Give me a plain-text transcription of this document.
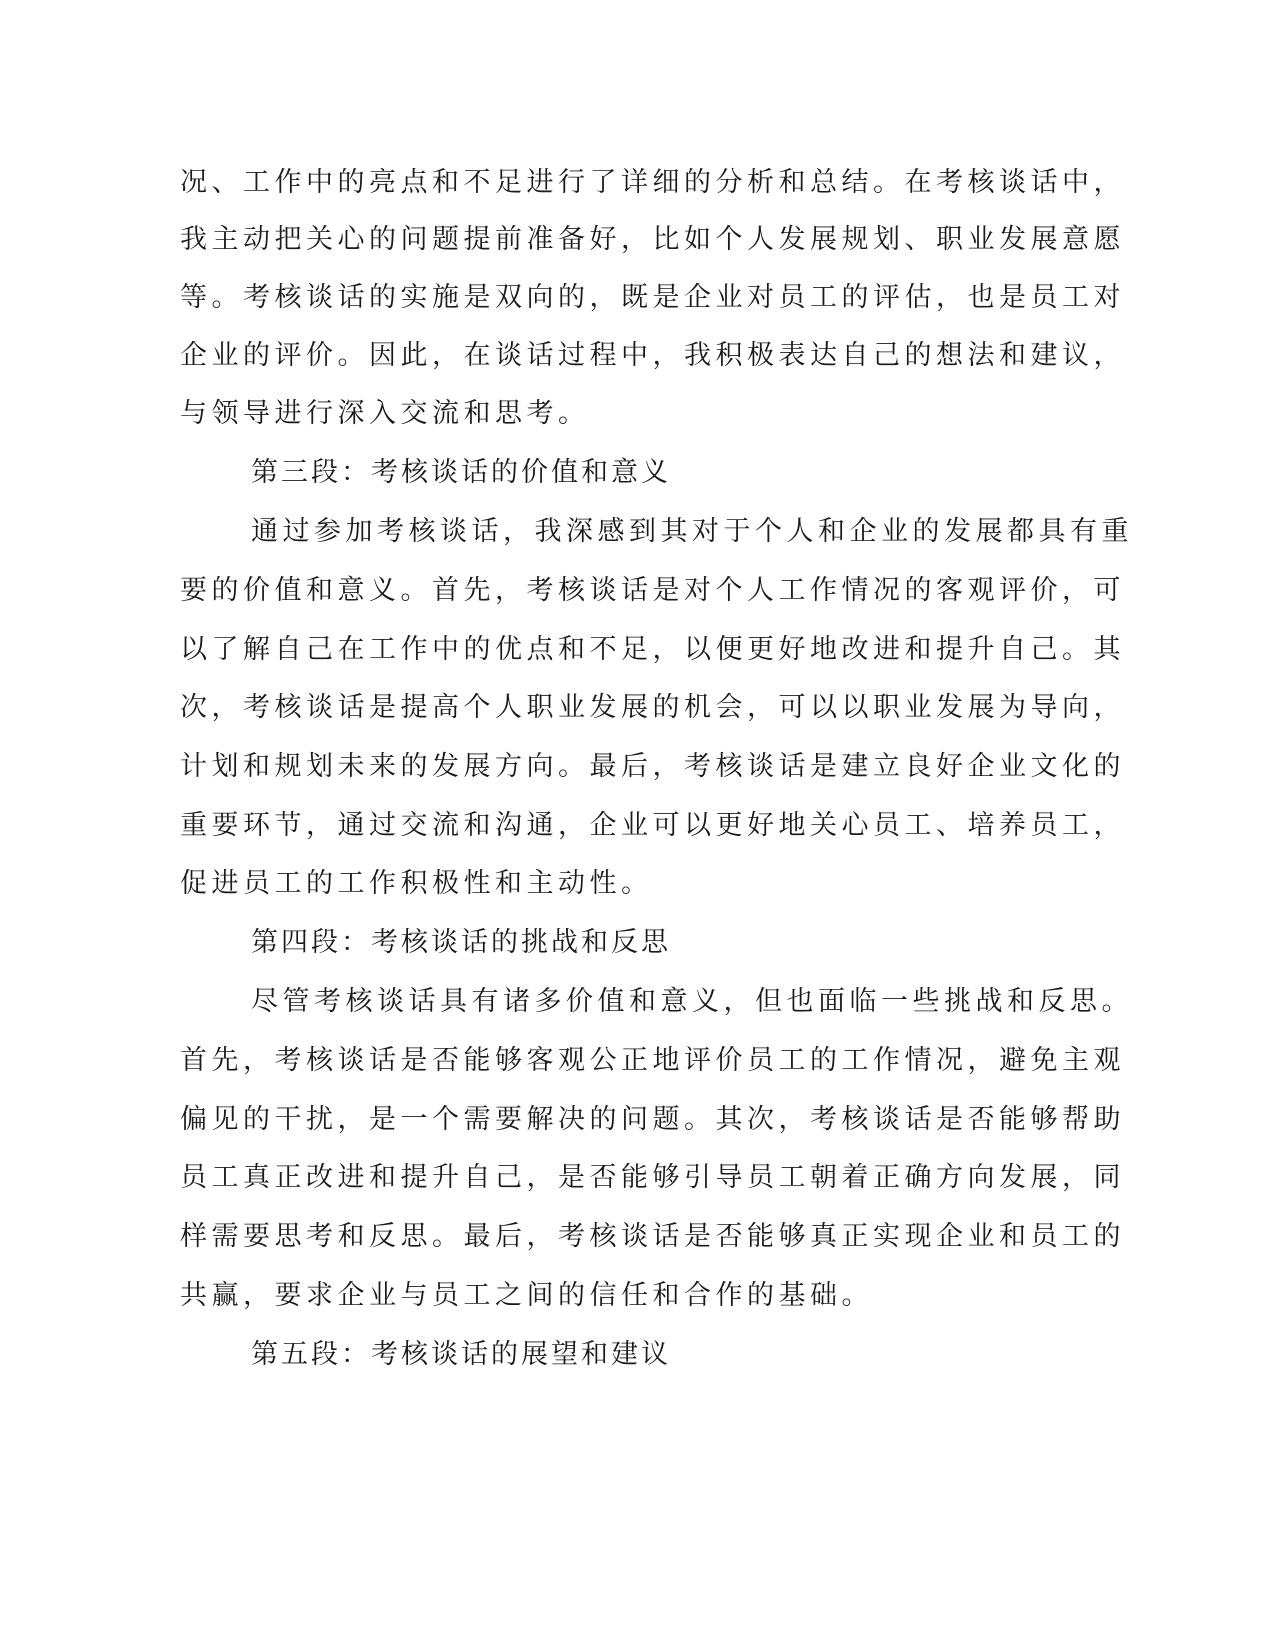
况、工作中的亮点和不足进行了详细的分析和总结。在考核谈话中，

我主动把关心的问题提前准备好，比如个人发展规划、职业发展意愿

等。考核谈话的实施是双向的，既是企业对员工的评估，也是员工对

企业的评价。因此，在谈话过程中，我积极表达自己的想法和建议，

与领导进行深入交流和思考。

第三段：考核谈话的价值和意义

通过参加考核谈话，我深感到其对于个人和企业的发展都具有重

要的价值和意义。首先，考核谈话是对个人工作情况的客观评价，可

以了解自己在工作中的优点和不足，以便更好地改进和提升自己。其

次，考核谈话是提高个人职业发展的机会，可以以职业发展为导向，

计划和规划未来的发展方向。最后，考核谈话是建立良好企业文化的

重要环节，通过交流和沟通，企业可以更好地关心员工、培养员工，

促进员工的工作积极性和主动性。

第四段：考核谈话的挑战和反思

尽管考核谈话具有诸多价值和意义，但也面临一些挑战和反思。

首先，考核谈话是否能够客观公正地评价员工的工作情况，避免主观

偏见的干扰，是一个需要解决的问题。其次，考核谈话是否能够帮助

员工真正改进和提升自己，是否能够引导员工朝着正确方向发展，同

样需要思考和反思。最后，考核谈话是否能够真正实现企业和员工的

共赢，要求企业与员工之间的信任和合作的基础。

第五段：考核谈话的展望和建议
